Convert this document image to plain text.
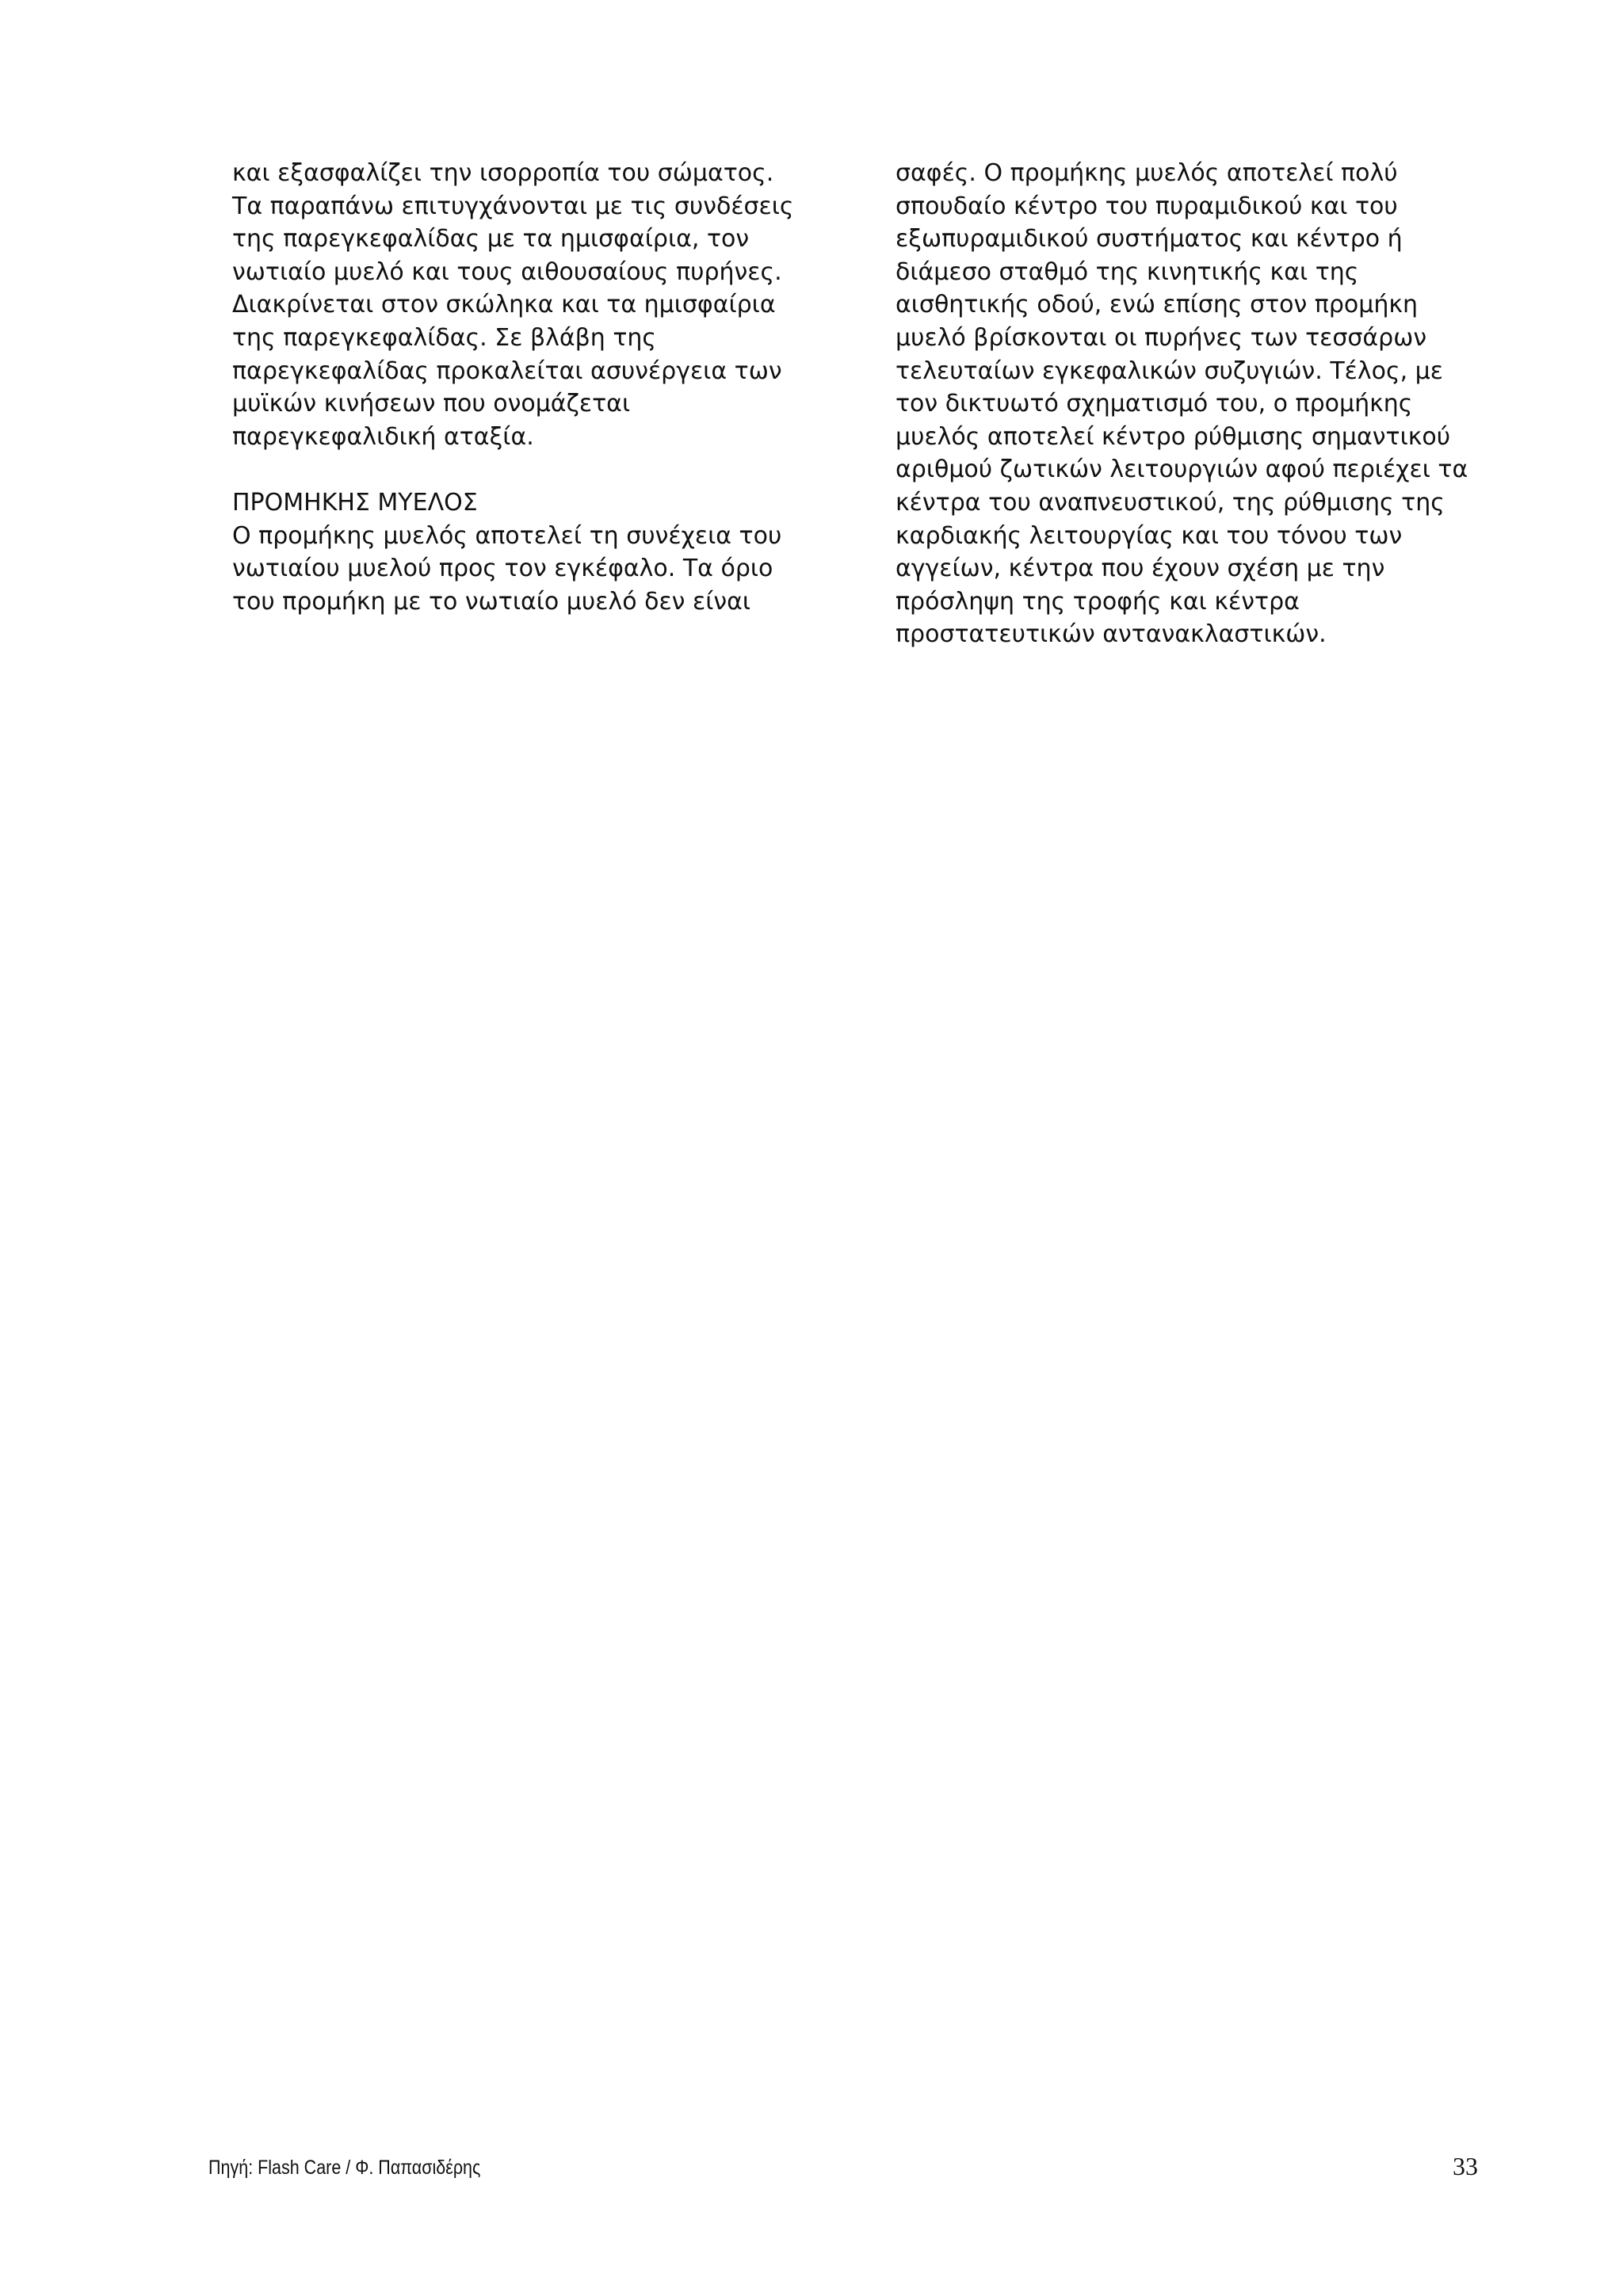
και εξασφαλίζει την ισορροπία του σώματος.
Τα παραπάνω επιτυγχάνονται με τις συνδέσεις
της παρεγκεφαλίδας με τα ημισφαίρια, τον
νωτιαίο μυελό και τους αιθουσαίους πυρήνες.
Διακρίνεται στον σκώληκα και τα ημισφαίρια
της παρεγκεφαλίδας. Σε βλάβη της
παρεγκεφαλίδας προκαλείται ασυνέργεια των
μυϊκών κινήσεων που ονομάζεται
παρεγκεφαλιδική αταξία.
ΠΡΟΜΗΚΗΣ ΜΥΕΛΟΣ
Ο προμήκης μυελός αποτελεί τη συνέχεια του
νωτιαίου μυελού προς τον εγκέφαλο. Τα όριο
του προμήκη με το νωτιαίο μυελό δεν είναι
σαφές. Ο προμήκης μυελός αποτελεί πολύ
σπουδαίο κέντρο του πυραμιδικού και του
εξωπυραμιδικού συστήματος και κέντρο ή
διάμεσο σταθμό της κινητικής και της
αισθητικής οδού, ενώ επίσης στον προμήκη
μυελό βρίσκονται οι πυρήνες των τεσσάρων
τελευταίων εγκεφαλικών συζυγιών. Τέλος, με
τον δικτυωτό σχηματισμό του, ο προμήκης
μυελός αποτελεί κέντρο ρύθμισης σημαντικού
αριθμού ζωτικών λειτουργιών αφού περιέχει τα
κέντρα του αναπνευστικού, της ρύθμισης της
καρδιακής λειτουργίας και του τόνου των
αγγείων, κέντρα που έχουν σχέση με την
πρόσληψη της τροφής και κέντρα
προστατευτικών αντανακλαστικών.
Πηγή: Flash Care / Φ. Παπασιδέρης	33
